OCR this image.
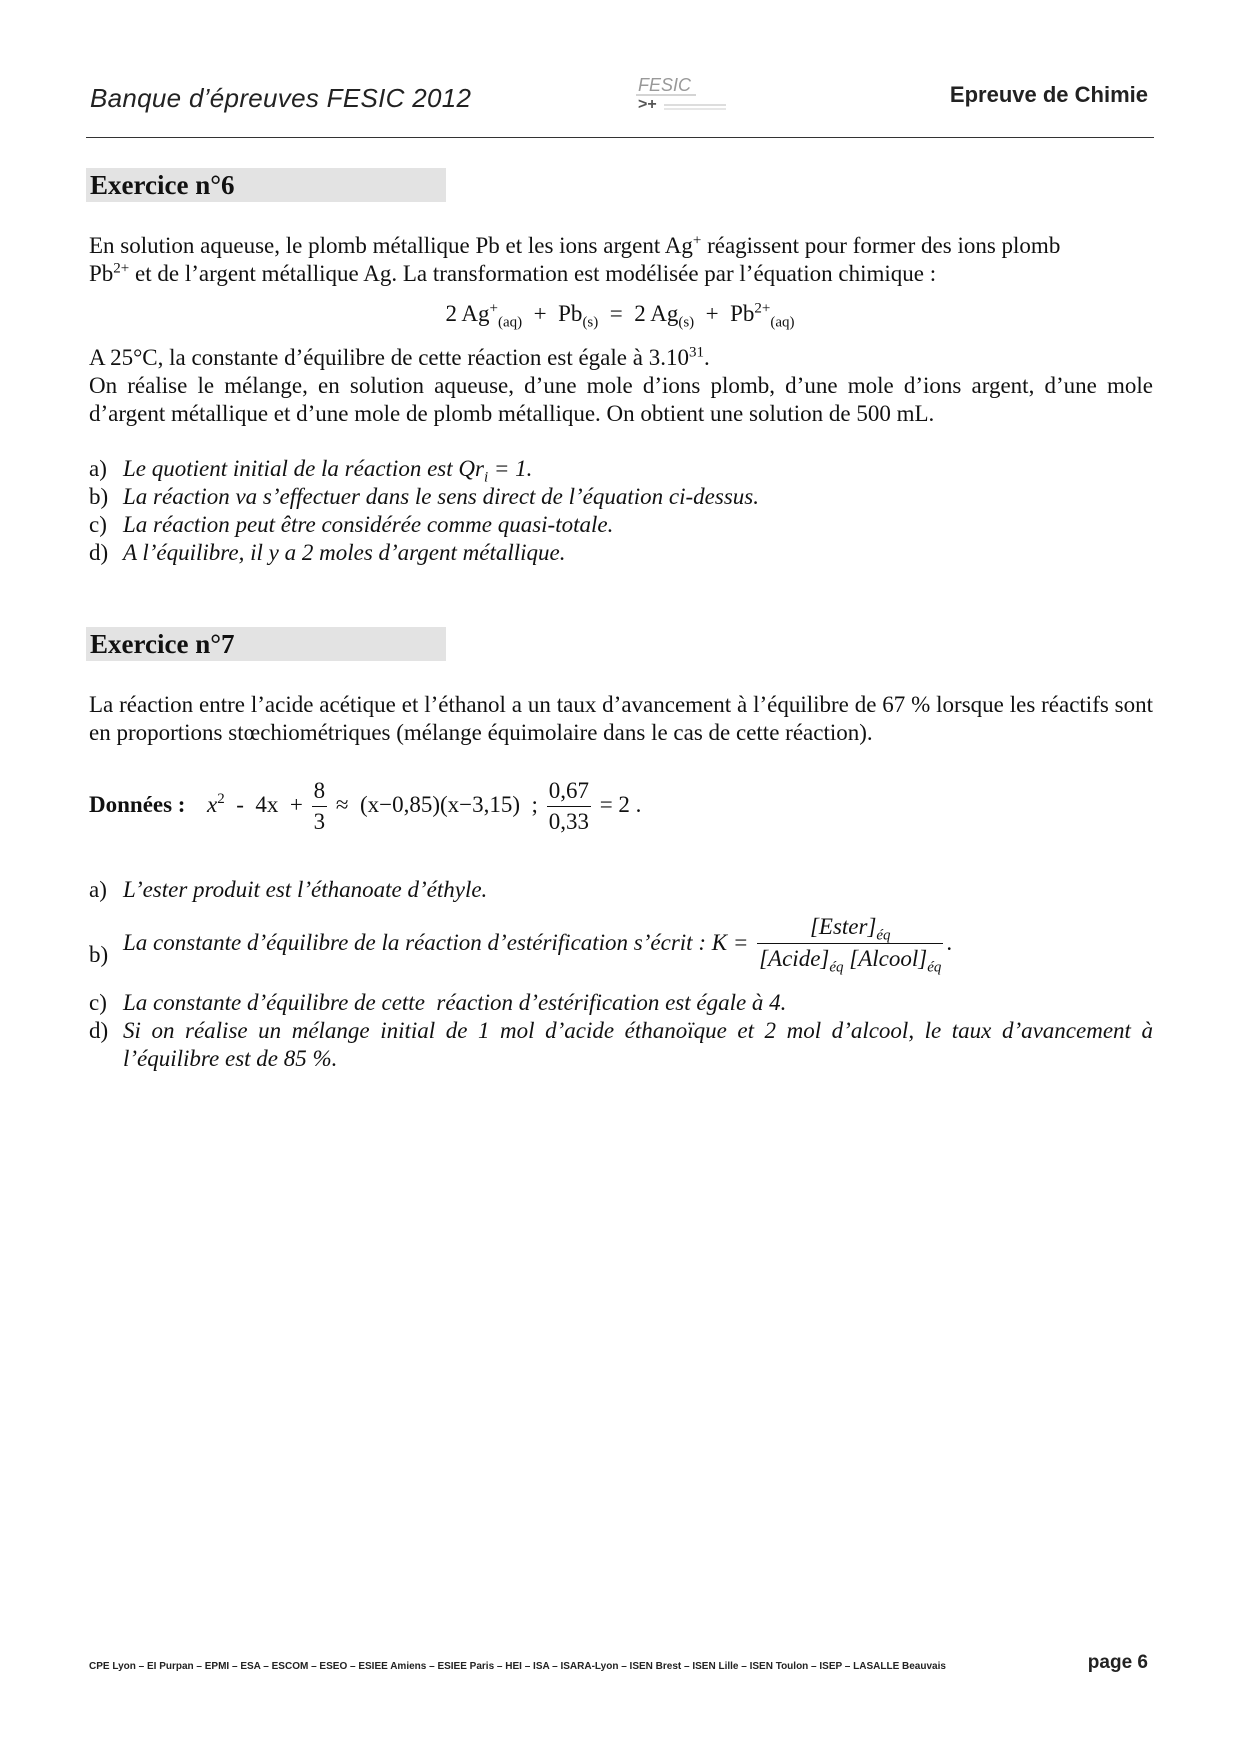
Banque d’épreuves FESIC 2012	FESIC
>+	Epreuve de Chimie
Exercice n°6
En solution aqueuse, le plomb métallique Pb et les ions argent Ag+ réagissent pour former des ions plomb
$Pb^{2+}$ et de l’argent métallique Ag. La transformation est modélisée par l’équation chimique :
2 $Ag^+_{(aq)} + Pb_{(s)} = 2$ $Ag_{(s)} + Pb^{2+}_{(aq)}$
A 25°C, la constante d’équilibre de cette réaction est égale à 3.10$^{31}$.
On réalise le mélange, en solution aqueuse, d’une mole d’ions plomb, d’une mole d’ions argent, d’une mole d’argent métallique et d’une mole de plomb métallique. On obtient une solution de 500 mL.
a) Le quotient initial de la réaction est $Qr_i = 1$.
b) La réaction va s’effectuer dans le sens direct de l’équation ci-dessus.
c) La réaction peut être considérée comme quasi-totale.
d) A l’équilibre, il y a 2 moles d’argent métallique.
Exercice n°7
La réaction entre l’acide acétique et l’éthanol a un taux d’avancement à l’équilibre de 67 % lorsque les réactifs sont en proportions stœchiométriques (mélange équimolaire dans le cas de cette réaction).
Données : $x^2 - 4x + \frac{8}{3} \approx (x-0,85)(x-3,15)$  ; $\frac{0,67}{0,33} = 2$ .
a) L’ester produit est l’éthanoate d’éthyle.
b) La constante d’équilibre de la réaction d’estérification s’écrit : $K = \frac{[Ester]_{éq}}{[Acide]_{éq} [Alcool]_{éq}}$ .
c) La constante d’équilibre de cette  réaction d’estérification est égale à 4.
d) Si on réalise un mélange initial de 1 mol d’acide éthanoïque et 2 mol d’alcool, le taux d’avancement à l’équilibre est de 85 %.
CPE Lyon – EI Purpan – EPMI – ESA – ESCOM – ESEO – ESIEE Amiens – ESIEE Paris – HEI – ISA – ISARA-Lyon – ISEN Brest – ISEN Lille – ISEN Toulon – ISEP – LASALLE Beauvais	page 6
